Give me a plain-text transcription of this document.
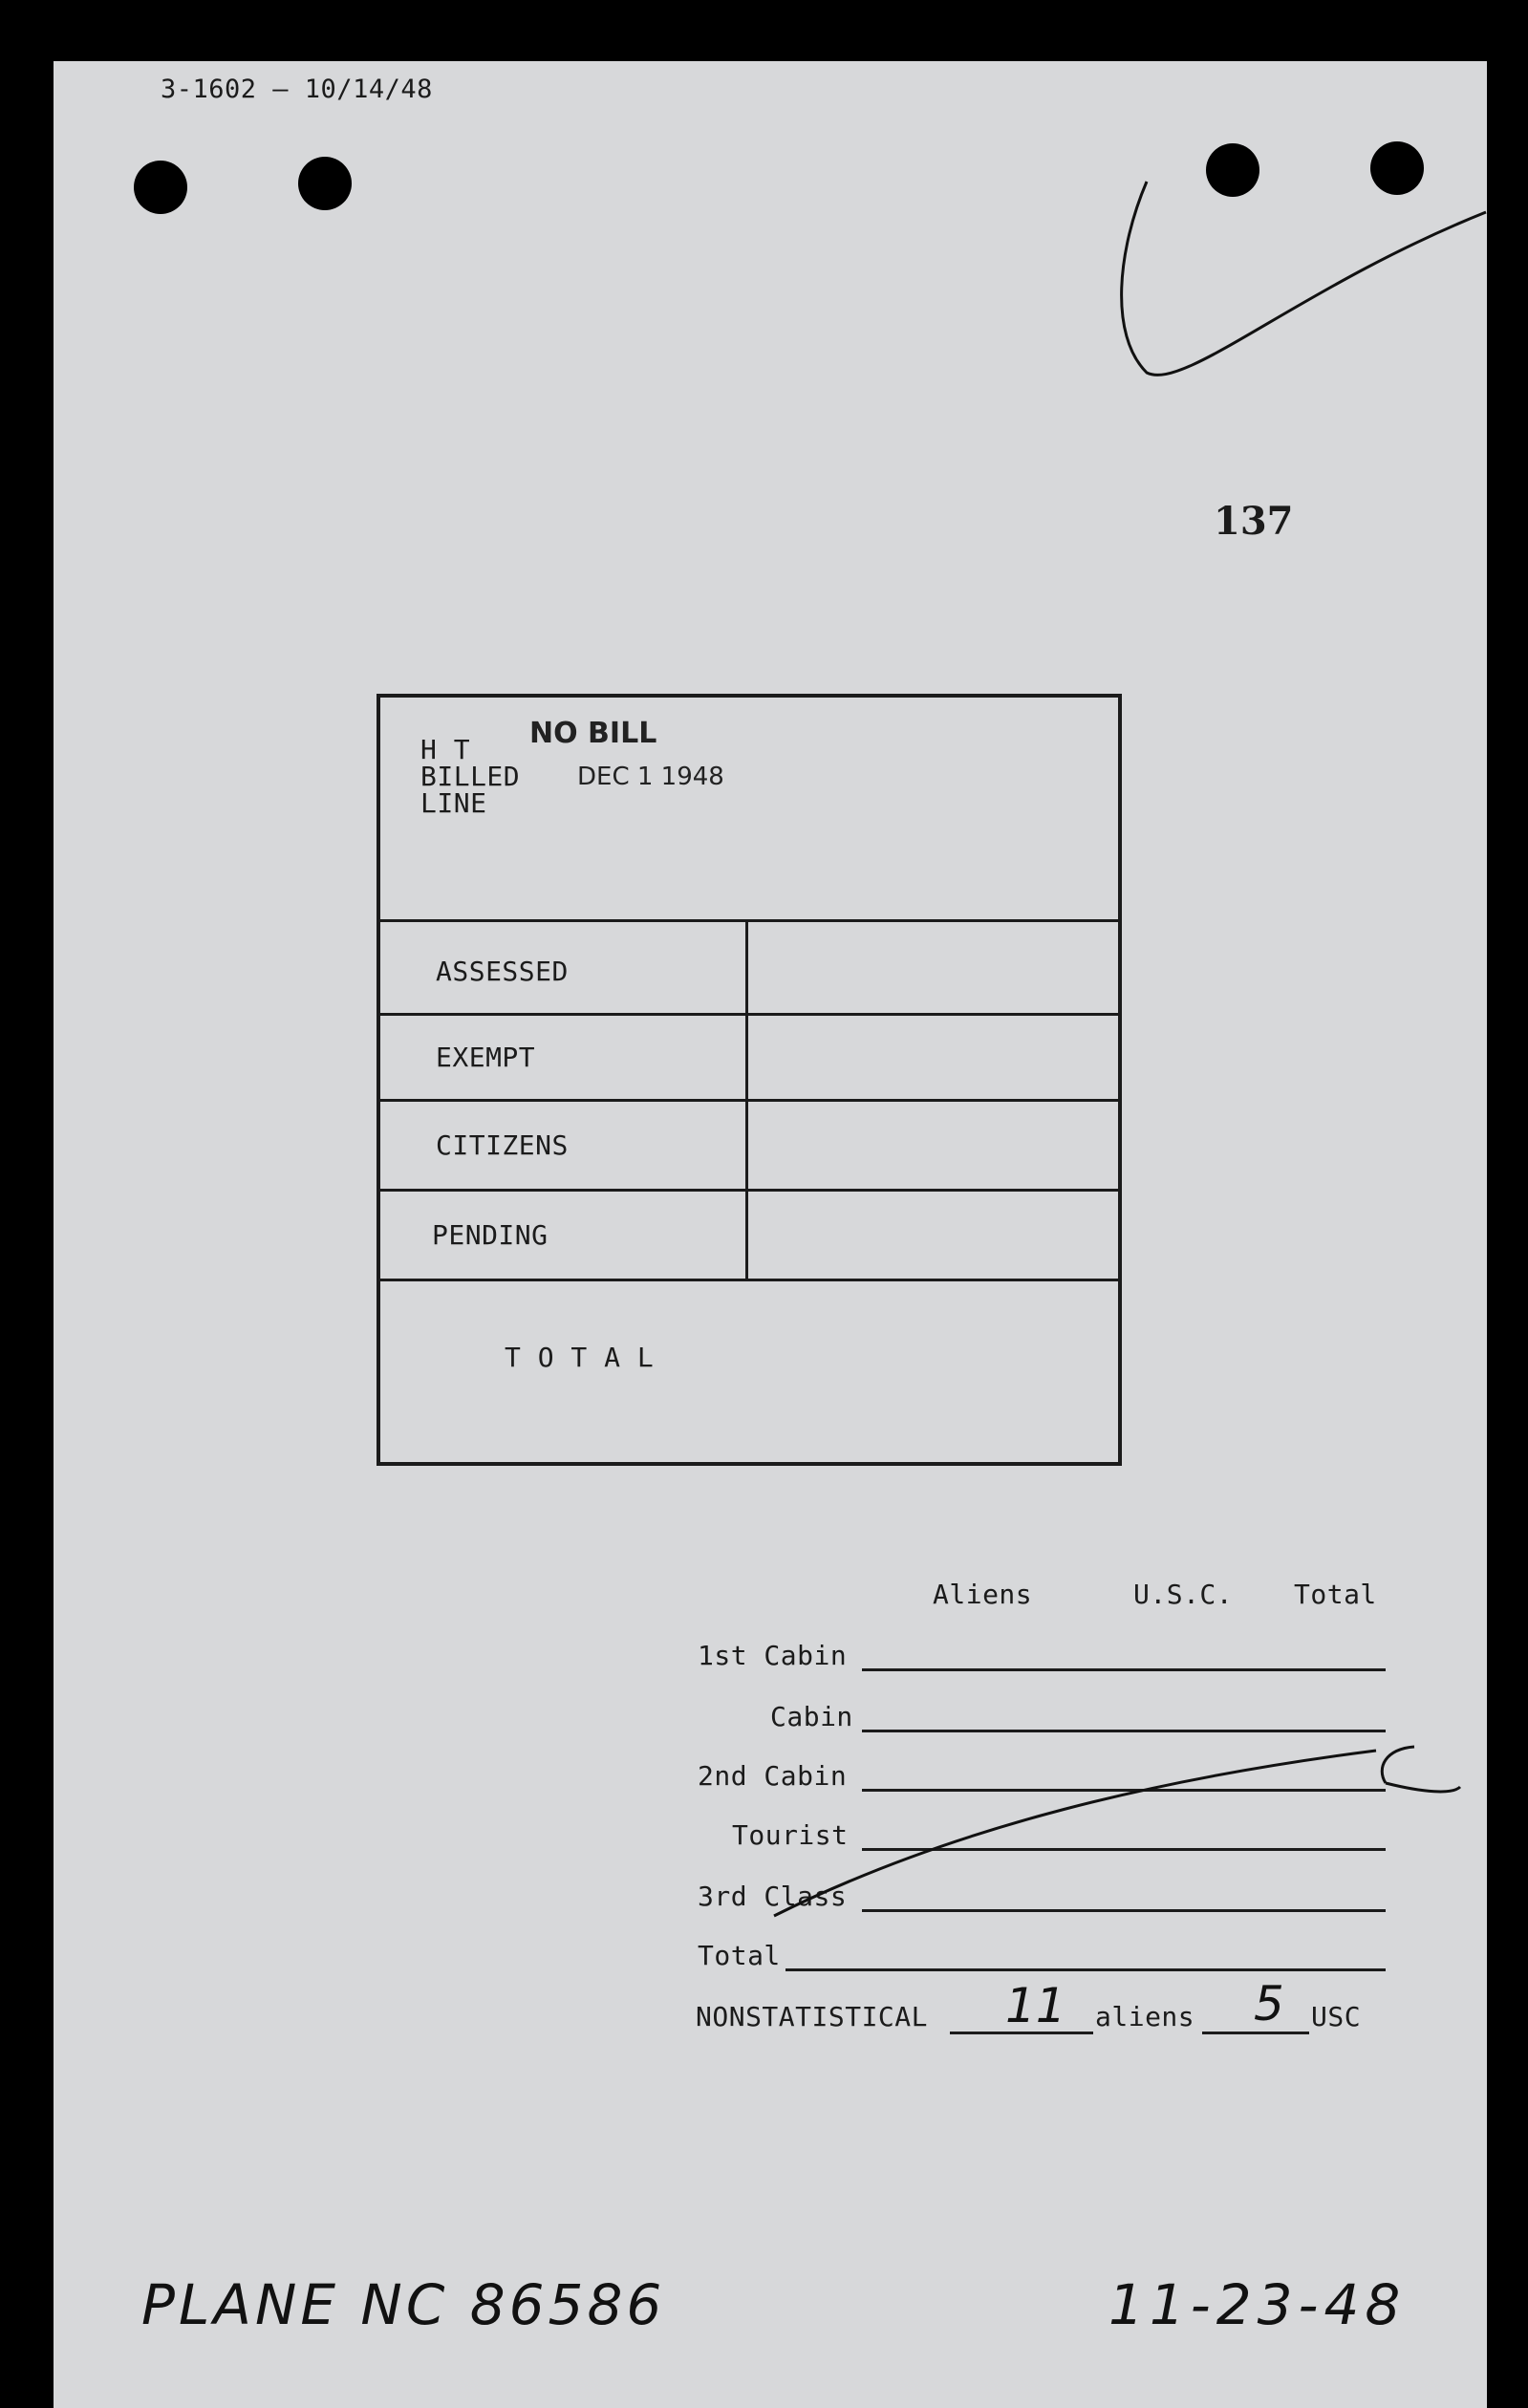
3-1602 — 10/14/48
137
H T
BILLED
LINE
NO BILL
DEC 1 1948
ASSESSED
EXEMPT
CITIZENS
PENDING
T O T A L
Aliens	U.S.C. Total
1st Cabin
Cabin
2nd Cabin
Tourist
3rd Class
Total
NONSTATISTICAL 11 aliens 5 USC
PLANE NC 86586	11-23-48
